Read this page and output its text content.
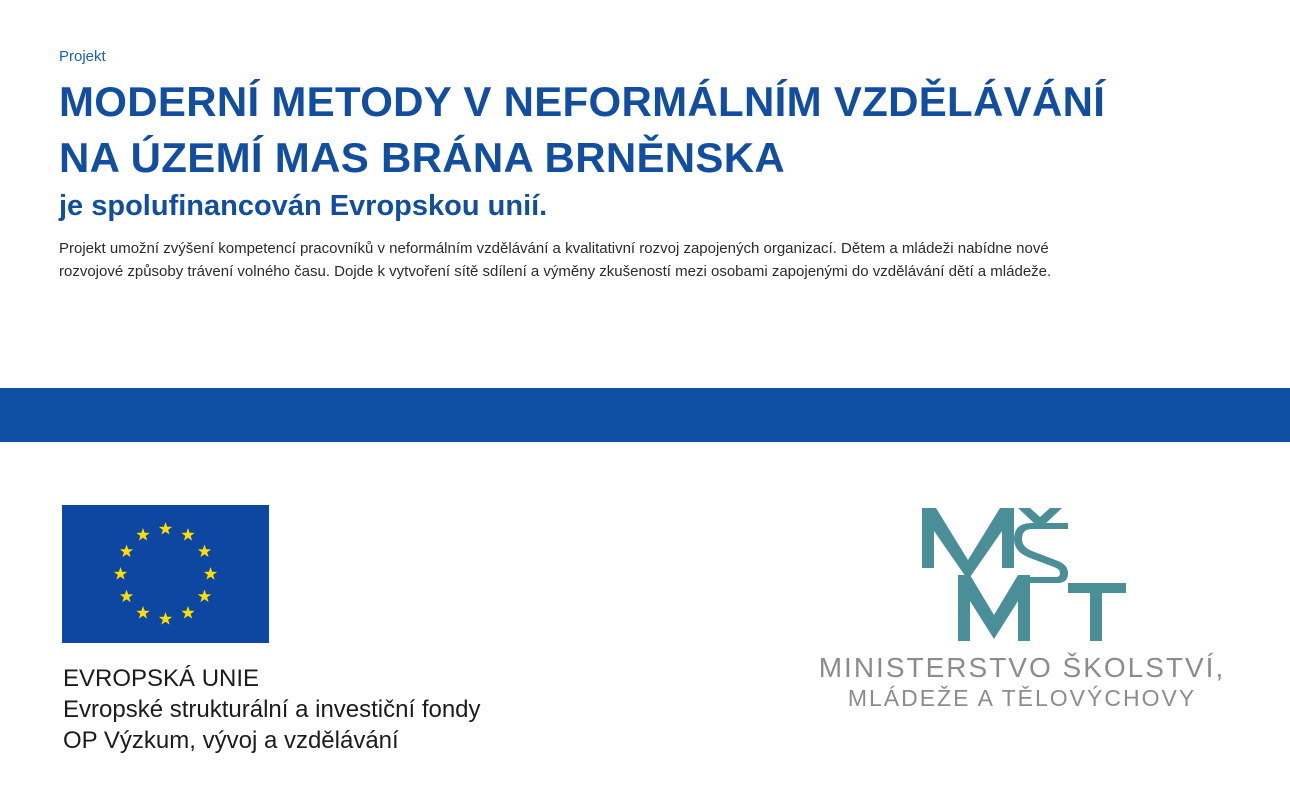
Projekt
MODERNÍ METODY V NEFORMÁLNÍM VZDĚLÁVÁNÍ
NA ÚZEMÍ MAS BRÁNA BRNĚNSKA
je spolufinancován Evropskou unií.
Projekt umožní zvýšení kompetencí pracovníků v neformálním vzdělávání a kvalitativní rozvoj zapojených organizací. Dětem a mládeži nabídne nové
rozvojové způsoby trávení volného času. Dojde k vytvoření sítě sdílení a výměny zkušeností mezi osobami zapojenými do vzdělávání dětí a mládeže.
EVROPSKÁ UNIE
Evropské strukturální a investiční fondy
OP Výzkum, vývoj a vzdělávání
MINISTERSTVO ŠKOLSTVÍ,
MLÁDEŽE A TĚLOVÝCHOVY
